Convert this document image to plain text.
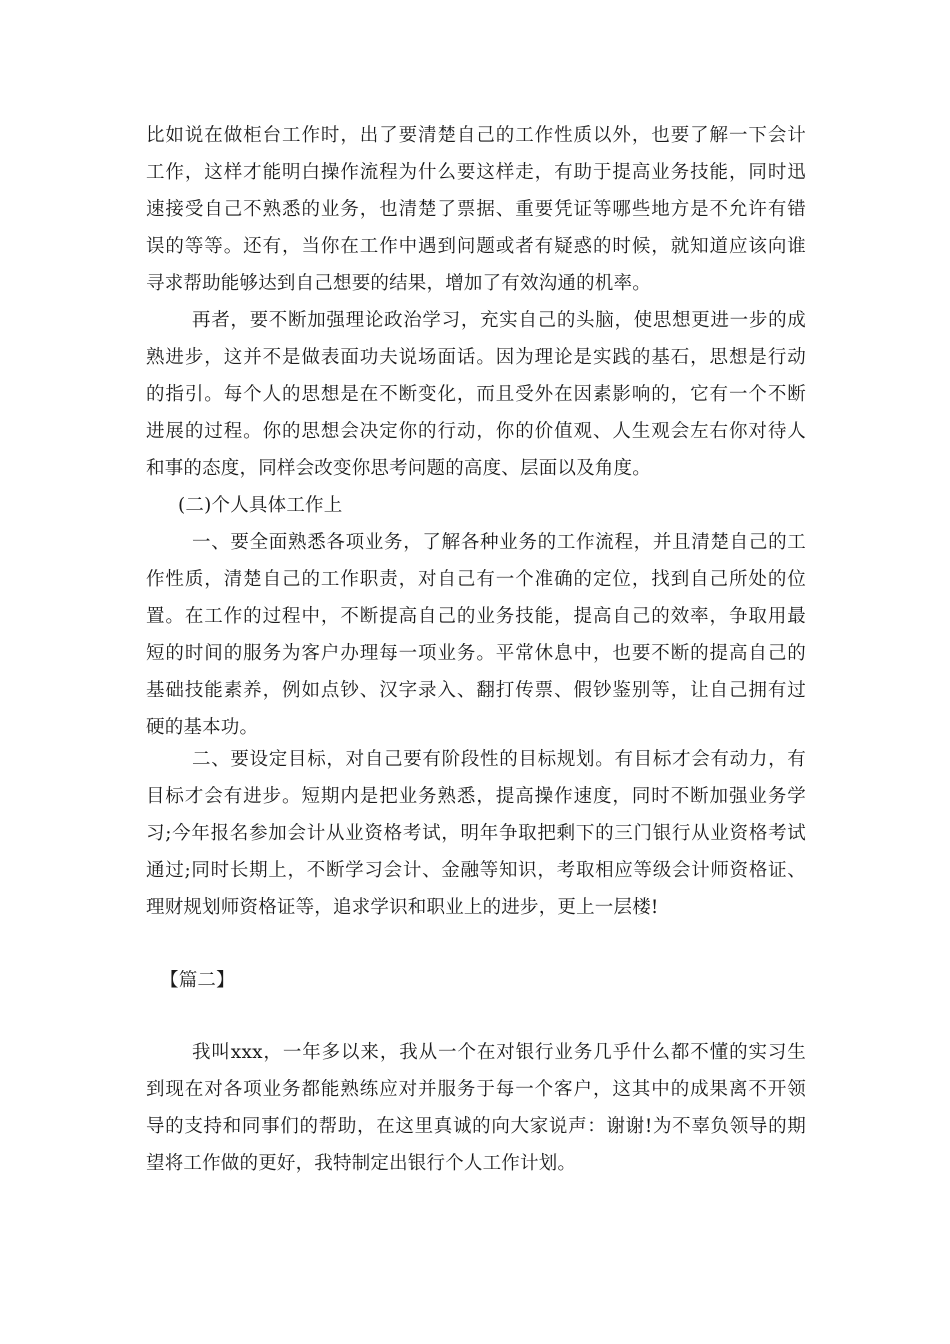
比如说在做柜台工作时，出了要清楚自己的工作性质以外，也要了解一下会计
工作，这样才能明白操作流程为什么要这样走，有助于提高业务技能，同时迅
速接受自己不熟悉的业务，也清楚了票据、重要凭证等哪些地方是不允许有错
误的等等。还有，当你在工作中遇到问题或者有疑惑的时候，就知道应该向谁
寻求帮助能够达到自己想要的结果，增加了有效沟通的机率。
再者，要不断加强理论政治学习，充实自己的头脑，使思想更进一步的成
熟进步，这并不是做表面功夫说场面话。因为理论是实践的基石，思想是行动
的指引。每个人的思想是在不断变化，而且受外在因素影响的，它有一个不断
进展的过程。你的思想会决定你的行动，你的价值观、人生观会左右你对待人
和事的态度，同样会改变你思考问题的高度、层面以及角度。
(二)个人具体工作上
一、要全面熟悉各项业务，了解各种业务的工作流程，并且清楚自己的工
作性质，清楚自己的工作职责，对自己有一个准确的定位，找到自己所处的位
置。在工作的过程中，不断提高自己的业务技能，提高自己的效率，争取用最
短的时间的服务为客户办理每一项业务。平常休息中，也要不断的提高自己的
基础技能素养，例如点钞、汉字录入、翻打传票、假钞鉴别等，让自己拥有过
硬的基本功。
二、要设定目标，对自己要有阶段性的目标规划。有目标才会有动力，有
目标才会有进步。短期内是把业务熟悉，提高操作速度，同时不断加强业务学
习;今年报名参加会计从业资格考试，明年争取把剩下的三门银行从业资格考试
通过;同时长期上，不断学习会计、金融等知识，考取相应等级会计师资格证、
理财规划师资格证等，追求学识和职业上的进步，更上一层楼!
【篇二】
我叫xxx，一年多以来，我从一个在对银行业务几乎什么都不懂的实习生
到现在对各项业务都能熟练应对并服务于每一个客户，这其中的成果离不开领
导的支持和同事们的帮助，在这里真诚的向大家说声：谢谢!为不辜负领导的期
望将工作做的更好，我特制定出银行个人工作计划。
